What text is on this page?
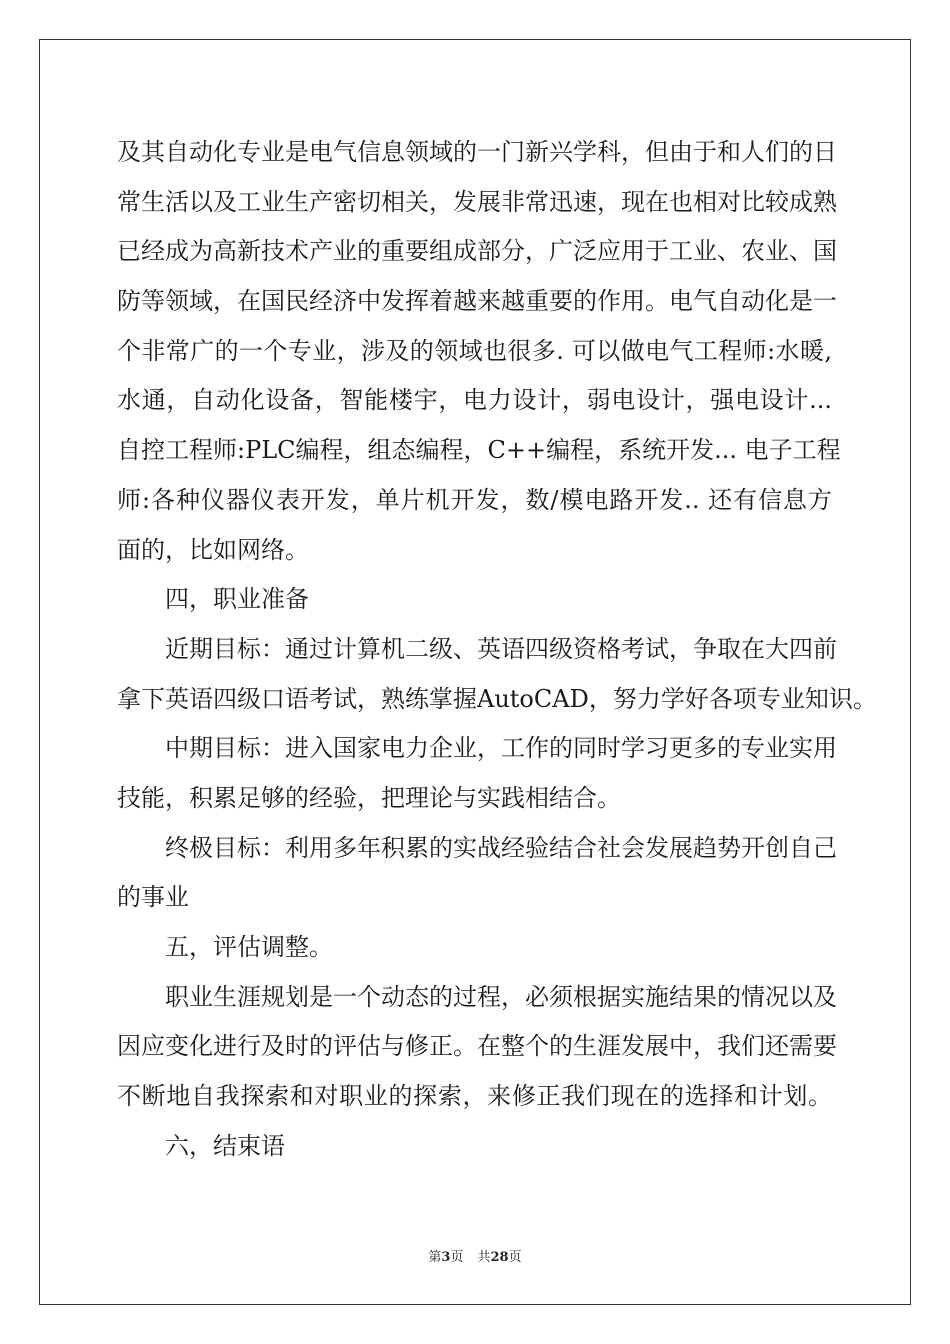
及其自动化专业是电气信息领域的一门新兴学科，但由于和人们的日
常生活以及工业生产密切相关，发展非常迅速，现在也相对比较成熟
已经成为高新技术产业的重要组成部分，广泛应用于工业、农业、国
防等领域，在国民经济中发挥着越来越重要的作用。电气自动化是一
个非常广的一个专业，涉及的领域也很多. 可以做电气工程师:水暖,
水通，自动化设备，智能楼宇，电力设计，弱电设计，强电设计...
自控工程师:PLC编程，组态编程，C++编程，系统开发... 电子工程
师:各种仪器仪表开发，单片机开发，数/模电路开发.. 还有信息方
面的，比如网络。
四，职业准备
近期目标：通过计算机二级、英语四级资格考试，争取在大四前
拿下英语四级口语考试，熟练掌握AutoCAD，努力学好各项专业知识。
中期目标：进入国家电力企业，工作的同时学习更多的专业实用
技能，积累足够的经验，把理论与实践相结合。
终极目标：利用多年积累的实战经验结合社会发展趋势开创自己
的事业
五，评估调整。
职业生涯规划是一个动态的过程，必须根据实施结果的情况以及
因应变化进行及时的评估与修正。在整个的生涯发展中，我们还需要
不断地自我探索和对职业的探索，来修正我们现在的选择和计划。
六，结束语
第3页 共28页
